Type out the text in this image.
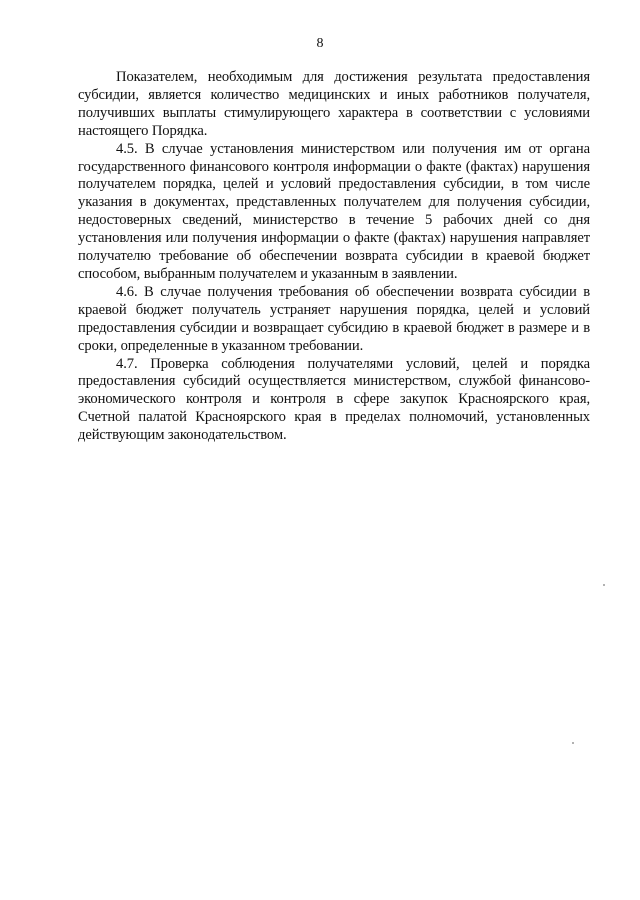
8

Показателем, необходимым для достижения результата предоставления субсидии, является количество медицинских и иных работников получателя, получивших выплаты стимулирующего характера в соответствии с условиями настоящего Порядка.

4.5. В случае установления министерством или получения им от органа государственного финансового контроля информации о факте (фактах) нарушения получателем порядка, целей и условий предоставления субсидии, в том числе указания в документах, представленных получателем для получения субсидии, недостоверных сведений, министерство в течение 5 рабочих дней со дня установления или получения информации о факте (фактах) нарушения направляет получателю требование об обеспечении возврата субсидии в краевой бюджет способом, выбранным получателем и указанным в заявлении.

4.6. В случае получения требования об обеспечении возврата субсидии в краевой бюджет получатель устраняет нарушения порядка, целей и условий предоставления субсидии и возвращает субсидию в краевой бюджет в размере и в сроки, определенные в указанном требовании.

4.7. Проверка соблюдения получателями условий, целей и порядка предоставления субсидий осуществляется министерством, службой финансово-экономического контроля и контроля в сфере закупок Красноярского края, Счетной палатой Красноярского края в пределах полномочий, установленных действующим законодательством.
